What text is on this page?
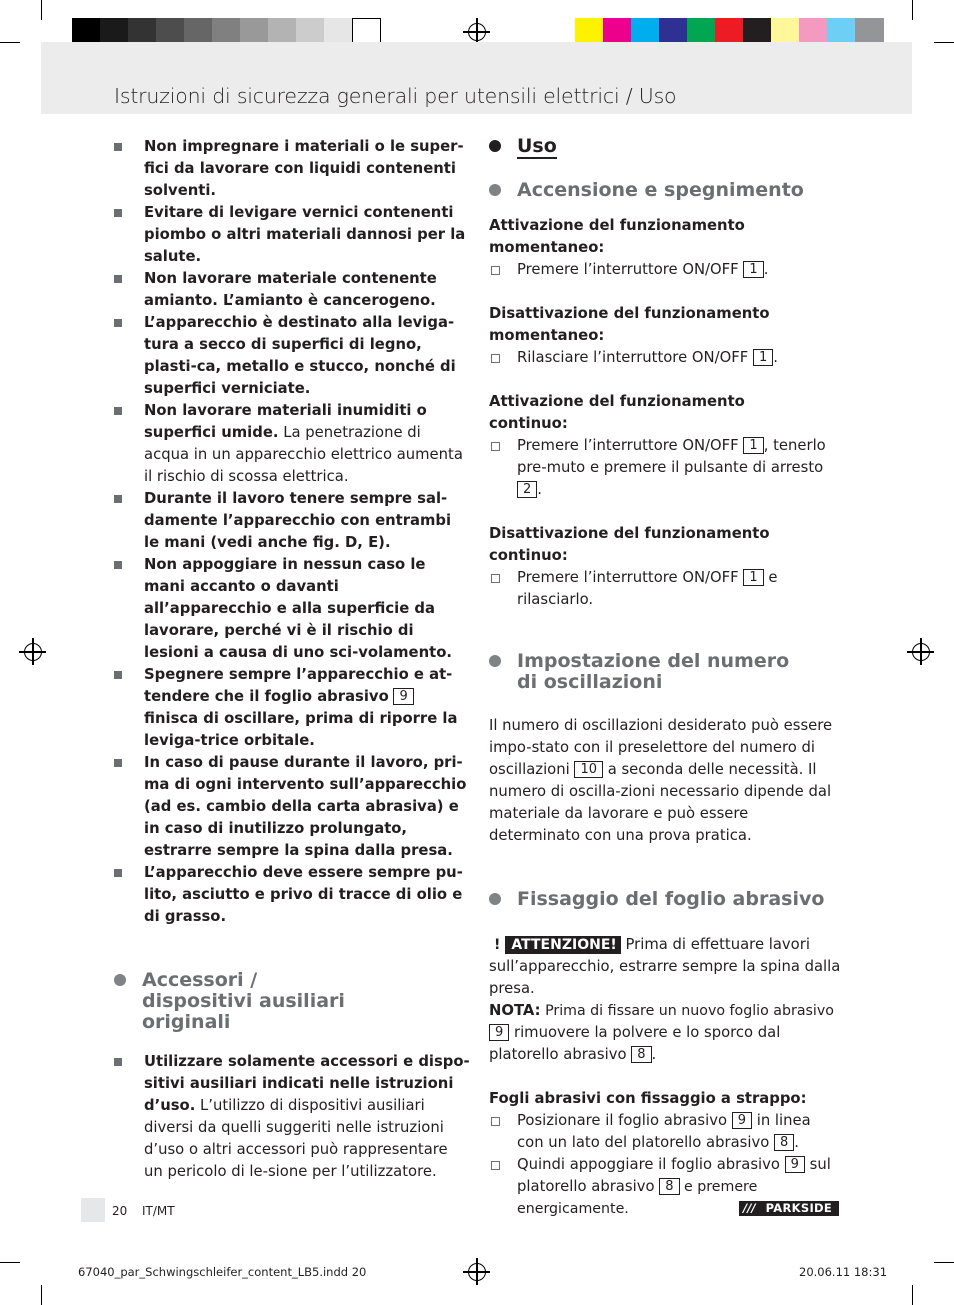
Istruzioni di sicurezza generali per utensili elettrici / Uso
Non impregnare i materiali o le super-fici da lavorare con liquidi contenenti solventi.
Evitare di levigare vernici contenenti piombo o altri materiali dannosi per la salute.
Non lavorare materiale contenente amianto. L’amianto è cancerogeno.
L’apparecchio è destinato alla leviga-tura a secco di superfici di legno, plasti-ca, metallo e stucco, nonché di superfici verniciate.
Non lavorare materiali inumiditi o superfici umide. La penetrazione di acqua in un apparecchio elettrico aumenta il rischio di scossa elettrica.
Durante il lavoro tenere sempre sal-damente l’apparecchio con entrambi le mani (vedi anche fig. D, E).
Non appoggiare in nessun caso le mani accanto o davanti all’apparecchio e alla superficie da lavorare, perché vi è il rischio di lesioni a causa di uno sci-volamento.
Spegnere sempre l’apparecchio e at-tendere che il foglio abrasivo 9 finisca di oscillare, prima di riporre la leviga-trice orbitale.
In caso di pause durante il lavoro, pri-ma di ogni intervento sull’apparecchio (ad es. cambio della carta abrasiva) e in caso di inutilizzo prolungato, estrarre sempre la spina dalla presa.
L’apparecchio deve essere sempre pu-lito, asciutto e privo di tracce di olio e di grasso.
Accessori / dispositivi ausiliari originali
Utilizzare solamente accessori e dispo-sitivi ausiliari indicati nelle istruzioni d’uso. L’utilizzo di dispositivi ausiliari diversi da quelli suggeriti nelle istruzioni d’uso o altri accessori può rappresentare un pericolo di le-sione per l’utilizzatore.
Uso
Accensione e spegnimento
Attivazione del funzionamento momentaneo:
Premere l’interruttore ON/OFF 1 .
Disattivazione del funzionamento momentaneo:
Rilasciare l’interruttore ON/OFF 1 .
Attivazione del funzionamento continuo:
Premere l’interruttore ON/OFF 1 , tenerlo pre-muto e premere il pulsante di arresto 2 .
Disattivazione del funzionamento continuo:
Premere l’interruttore ON/OFF 1 e rilasciarlo.
Impostazione del numero di oscillazioni
Il numero di oscillazioni desiderato può essere impo-stato con il preselettore del numero di oscillazioni 10 a seconda delle necessità. Il numero di oscilla-zioni necessario dipende dal materiale da lavorare e può essere determinato con una prova pratica.
Fissaggio del foglio abrasivo
! ATTENZIONE! Prima di effettuare lavori sull’apparecchio, estrarre sempre la spina dalla presa.
NOTA: Prima di fissare un nuovo foglio abrasivo 9 rimuovere la polvere e lo sporco dal platorello abrasivo 8 .
Fogli abrasivi con fissaggio a strappo:
Posizionare il foglio abrasivo 9 in linea con un lato del platorello abrasivo 8 .
Quindi appoggiare il foglio abrasivo 9 sul platorello abrasivo 8 e premere energicamente.
20 IT/MT	/// PARKSIDE
67040_par_Schwingschleifer_content_LB5.indd 20	20.06.11 18:31
